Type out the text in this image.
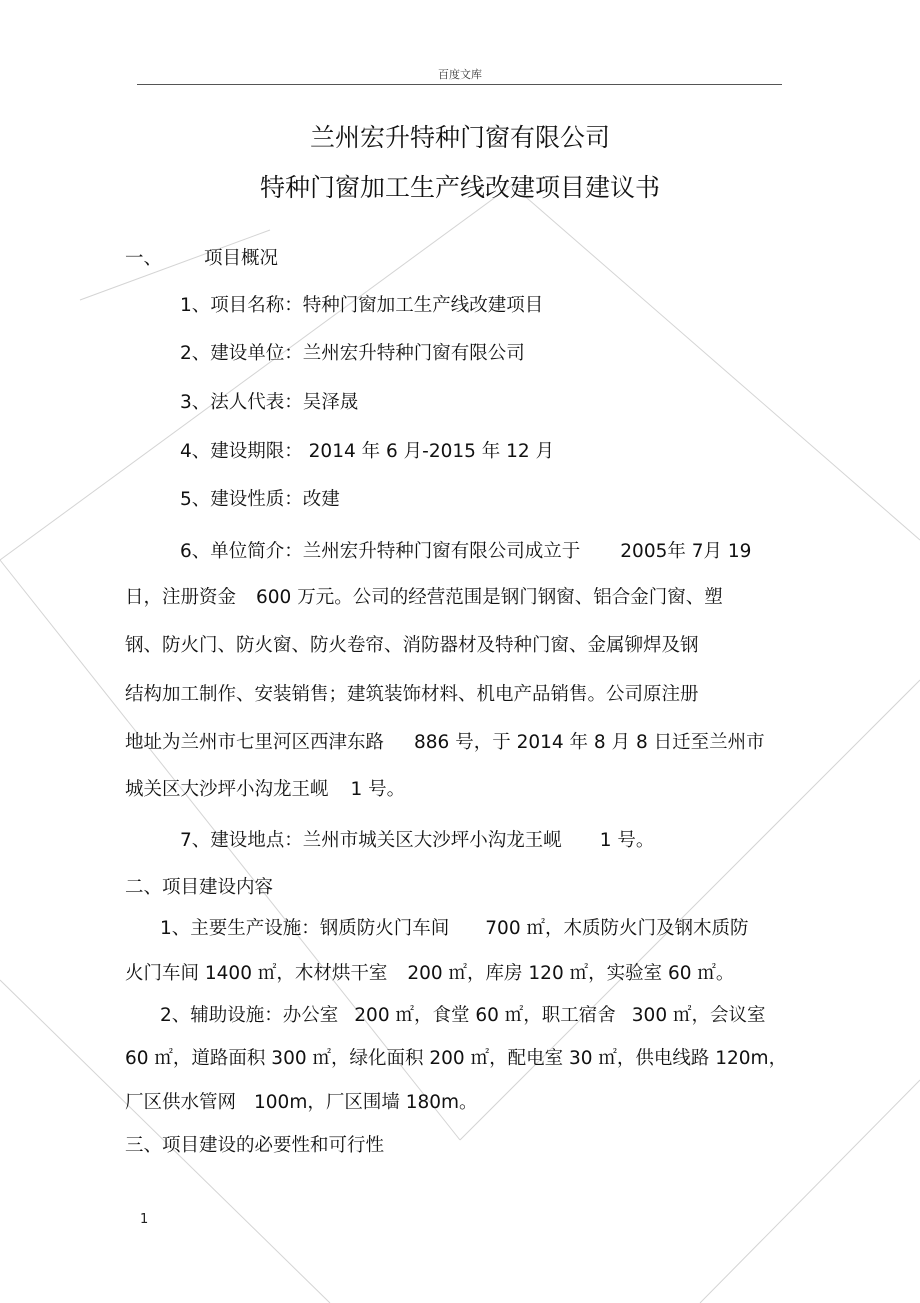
百度文库
兰州宏升特种门窗有限公司
特种门窗加工生产线改建项目建议书
一、 项目概况
1、项目名称：特种门窗加工生产线改建项目
2、建设单位：兰州宏升特种门窗有限公司
3、法人代表：吴泽晟
4、建设期限： 2014 年 6 月-2015 年 12 月
5、建设性质：改建
6、单位简介：兰州宏升特种门窗有限公司成立于 2005年 7月 19
日，注册资金 600 万元。公司的经营范围是钢门钢窗、铝合金门窗、塑
钢、防火门、防火窗、防火卷帘、消防器材及特种门窗、金属铆焊及钢
结构加工制作、安装销售；建筑装饰材料、机电产品销售。公司原注册
地址为兰州市七里河区西津东路 886 号，于 2014 年 8 月 8 日迁至兰州市
城关区大沙坪小沟龙王岘 1 号。
7、建设地点：兰州市城关区大沙坪小沟龙王岘 1 号。
二、项目建设内容
1、主要生产设施：钢质防火门车间 700 ㎡，木质防火门及钢木质防
火门车间 1400 ㎡，木材烘干室 200 ㎡，库房 120 ㎡，实验室 60 ㎡。
2、辅助设施：办公室 200 ㎡，食堂 60 ㎡，职工宿舍 300 ㎡，会议室
60 ㎡，道路面积 300 ㎡，绿化面积 200 ㎡，配电室 30 ㎡，供电线路 120m，
厂区供水管网 100m，厂区围墙 180m。
三、项目建设的必要性和可行性
1
